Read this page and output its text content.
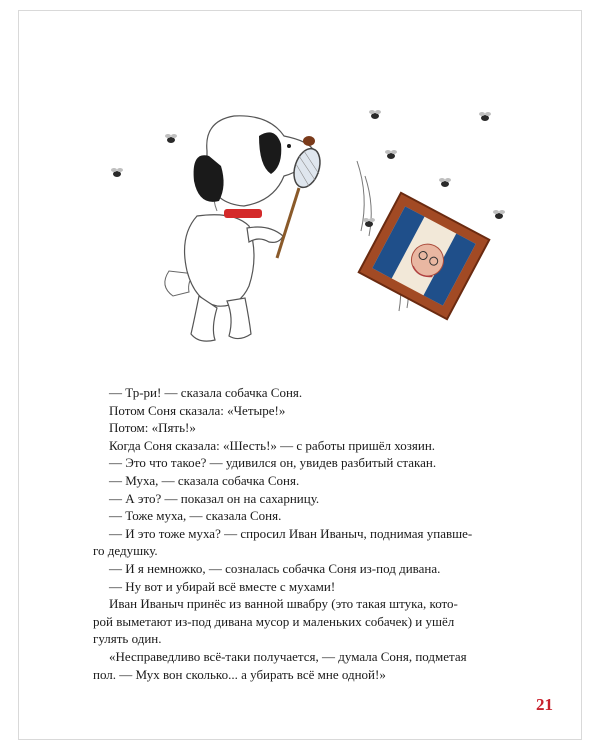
— Тр-ри! — сказала собачка Соня.

Потом Соня сказала: «Четыре!»

Потом: «Пять!»

Когда Соня сказала: «Шесть!» — с работы пришёл хозяин.

— Это что такое? — удивился он, увидев разбитый стакан.

— Муха, — сказала собачка Соня.

— А это? — показал он на сахарницу.

— Тоже муха, — сказала Соня.

— И это тоже муха? — спросил Иван Иваныч, поднимая упавше-

го дедушку.

— И я немножко, — созналась собачка Соня из-под дивана.

— Ну вот и убирай всё вместе с мухами!

Иван Иваныч принёс из ванной швабру (это такая штука, кото-

рой выметают из-под дивана мусор и маленьких собачек) и ушёл

гулять один.

«Несправедливо всё-таки получается, — думала Соня, подметая

пол. — Мух вон сколько... а убирать всё мне одной!»

21
